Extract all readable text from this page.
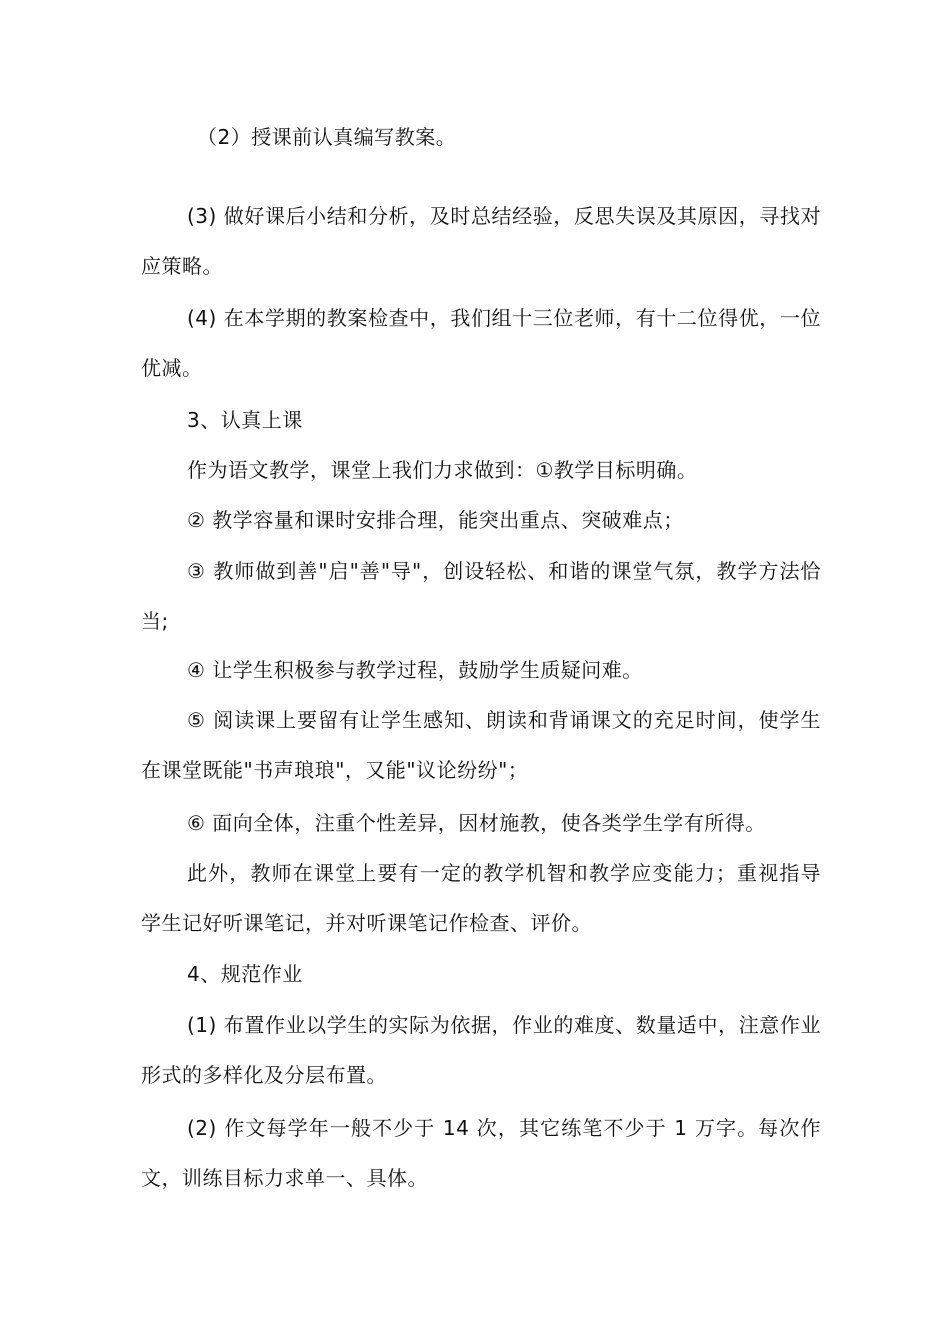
（2）授课前认真编写教案。

(3) 做好课后小结和分析，及时总结经验，反思失误及其原因，寻找对应策略。

(4) 在本学期的教案检查中，我们组十三位老师，有十二位得优，一位优减。

3、认真上课

作为语文教学，课堂上我们力求做到：①教学目标明确。

② 教学容量和课时安排合理，能突出重点、突破难点；

③ 教师做到善"启"善"导"，创设轻松、和谐的课堂气氛，教学方法恰当;

④ 让学生积极参与教学过程，鼓励学生质疑问难。

⑤ 阅读课上要留有让学生感知、朗读和背诵课文的充足时间，使学生在课堂既能"书声琅琅"，又能"议论纷纷"；

⑥ 面向全体，注重个性差异，因材施教，使各类学生学有所得。

此外，教师在课堂上要有一定的教学机智和教学应变能力；重视指导学生记好听课笔记，并对听课笔记作检查、评价。

4、规范作业

(1) 布置作业以学生的实际为依据，作业的难度、数量适中，注意作业形式的多样化及分层布置。

(2) 作文每学年一般不少于 14 次，其它练笔不少于 1 万字。每次作文，训练目标力求单一、具体。
